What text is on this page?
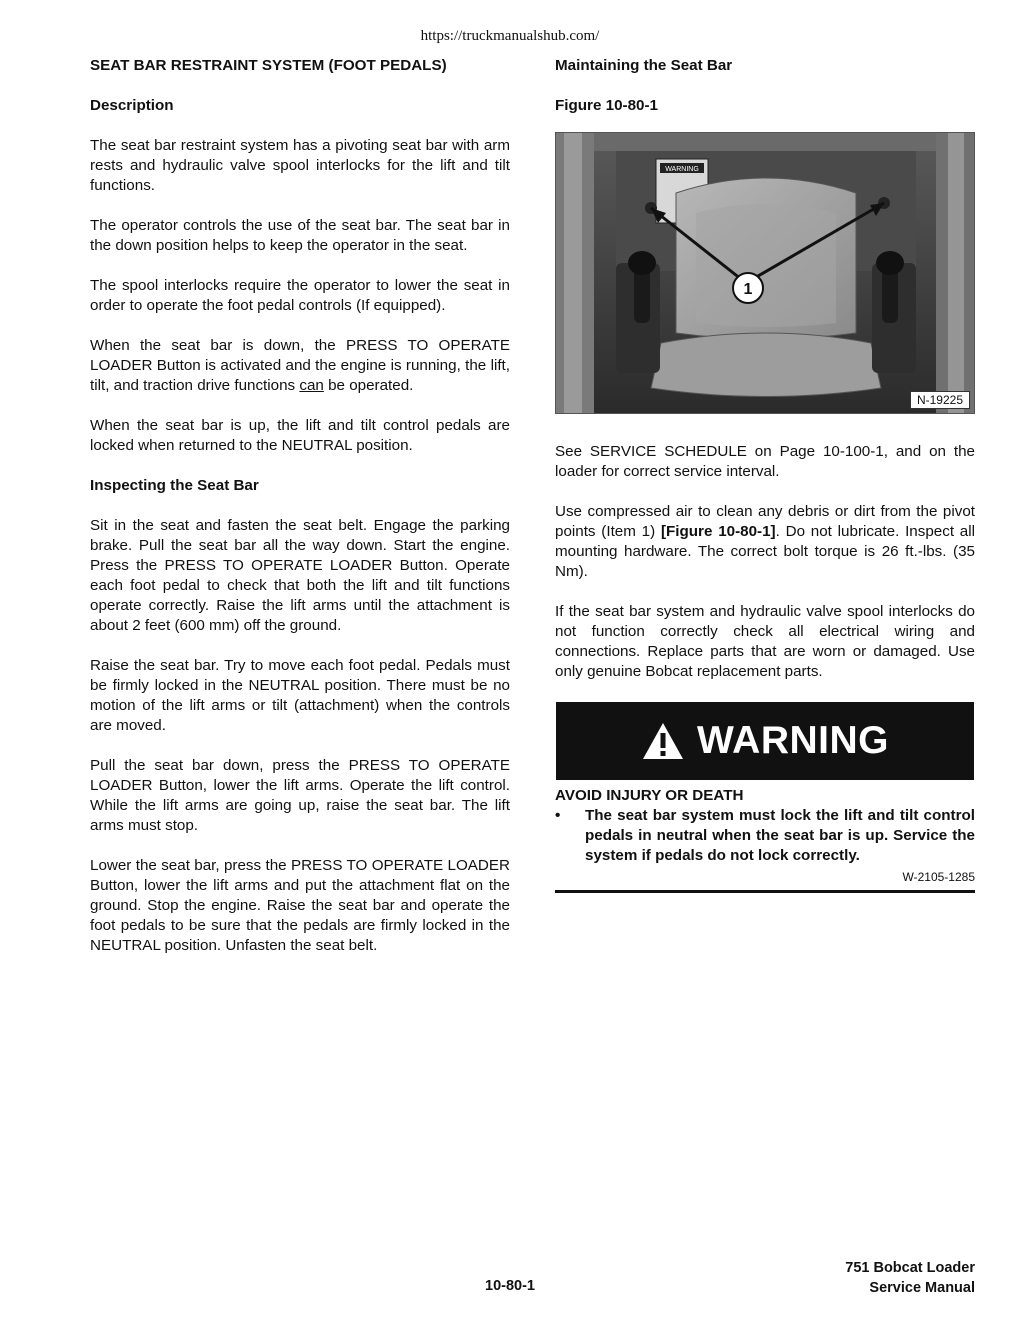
https://truckmanualshub.com/
SEAT BAR RESTRAINT SYSTEM (FOOT PEDALS)
Description

The seat bar restraint system has a pivoting seat bar with arm rests and hydraulic valve spool interlocks for the lift and tilt functions.

The operator controls the use of the seat bar. The seat bar in the down position helps to keep the operator in the seat.

The spool interlocks require the operator to lower the seat in order to operate the foot pedal controls (If equipped).

When the seat bar is down, the PRESS TO OPERATE LOADER Button is activated and the engine is running, the lift, tilt, and traction drive functions can be operated.

When the seat bar is up, the lift and tilt control pedals are locked when returned to the NEUTRAL position.

Inspecting the Seat Bar

Sit in the seat and fasten the seat belt. Engage the parking brake. Pull the seat bar all the way down. Start the engine. Press the PRESS TO OPERATE LOADER Button. Operate each foot pedal to check that both the lift and tilt functions operate correctly. Raise the lift arms until the attachment is about 2 feet (600 mm) off the ground.

Raise the seat bar. Try to move each foot pedal. Pedals must be firmly locked in the NEUTRAL position. There must be no motion of the lift arms or tilt (attachment) when the controls are moved.

Pull the seat bar down, press the PRESS TO OPERATE LOADER Button, lower the lift arms. Operate the lift control. While the lift arms are going up, raise the seat bar. The lift arms must stop.

Lower the seat bar, press the PRESS TO OPERATE LOADER Button, lower the lift arms and put the attachment flat on the ground. Stop the engine. Raise the seat bar and operate the foot pedals to be sure that the pedals are firmly locked in the NEUTRAL position. Unfasten the seat belt.

Maintaining the Seat Bar
Figure 10-80-1
WARNING
1
N-19225

See SERVICE SCHEDULE on Page 10-100-1, and on the loader for correct service interval.

Use compressed air to clean any debris or dirt from the pivot points (Item 1) [Figure 10-80-1]. Do not lubricate. Inspect all mounting hardware. The correct bolt torque is 26 ft.-lbs. (35 Nm).

If the seat bar system and hydraulic valve spool interlocks do not function correctly check all electrical wiring and connections. Replace parts that are worn or damaged. Use only genuine Bobcat replacement parts.

WARNING
AVOID INJURY OR DEATH
•	The seat bar system must lock the lift and tilt control pedals in neutral when the seat bar is up. Service the system if pedals do not lock correctly.
W-2105-1285
10-80-1
751 Bobcat Loader
Service Manual
